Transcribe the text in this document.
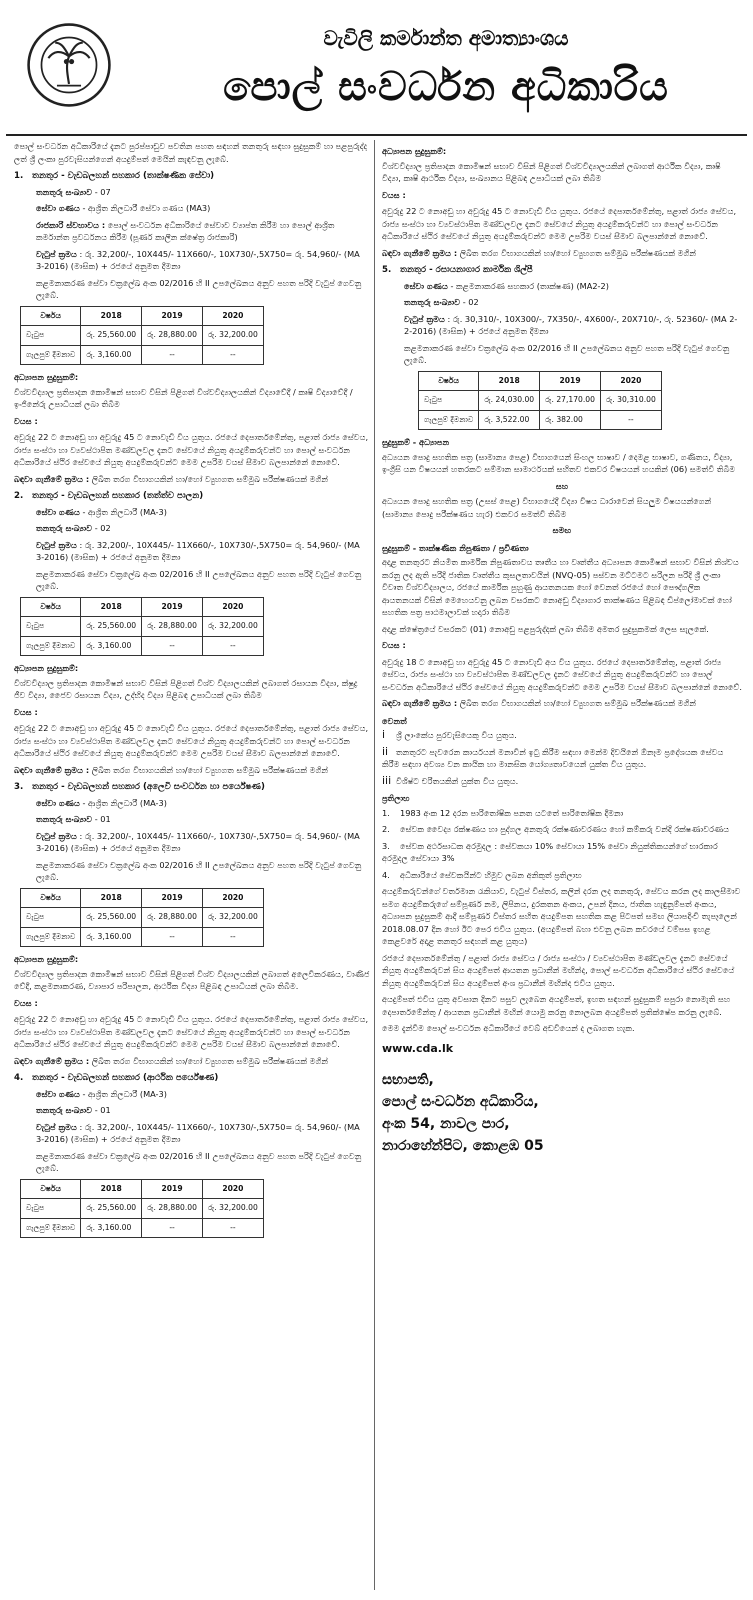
වැවිලි කර්මාන්ත අමාත්‍යාංශය
පොල් සංවර්ධන අධිකාරිය

පොල් සංවර්ධන අධිකාරියේ දැනට පුරප්පාඩුව පවතින පහත සඳහන් තනතුරු සඳහා සුදුසුකම් හා පළපුරුද්ද ලත් ශ්‍රී ලංකා පුරවැසියන්ගෙන් අයදුම්පත් මෙයින් කැඳවනු ලැබේ.

1. තනතුර - වැඩබලහන් සහකාර (තාක්ෂණික සේවා)

තනතුරු සංඛ්‍යාව - 07

සේවා ගණය - ආශ්‍රිත නිලධාරී සේවා ගණය (MA3)

රාජකාරි ස්වභාවය : පොල් සංවර්ධන අධිකාරියේ සේවාව ව්‍යාප්ත කිරීම හා පොල් ආශ්‍රිත කර්මාන්ත ප්‍රවර්ධනය කිරීම (පූර්ණ කාලීන ක්ෂේත්‍ර රාජකාරි)

වැටුප් ක්‍රමය : රු. 32,200/-, 10X445/- 11X660/-, 10X730/-,5X750= රු. 54,960/- (MA 3-2016) (මාසික) + රජයේ අනුමත දීමනා

කළමනාකරණ සේවා චක්‍රලේඛ අංක 02/2016 හි II උපලේඛනය අනුව පහත පරිදි වැටුප් ගෙවනු ලැබේ.

වර්ෂය	2018	2019	2020
වැටුප	රු. 25,560.00	රු. 28,880.00	රු. 32,200.00
ගැලපුම් දීමනාව	රු. 3,160.00	--	--
අධ්‍යාපන සුදුසුකම්:

විශ්වවිද්‍යාල ප්‍රතිපාදන කොමිෂන් සභාව විසින් පිළිගත් විශ්වවිද්‍යාලයකින් විද්‍යාවේදී / කෘෂි විද්‍යාවේදී / ඉංජිනේරු උපාධියක් ලබා තිබීම

වයස :

අවුරුදු 22 ට නොඅඩු හා අවුරුදු 45 ට නොවැඩි විය යුතුය. රජයේ දෙපාර්තමේන්තු, පළාත් රාජ්‍ය සේවය, රාජ්‍ය සංස්ථා හා ව්‍යවස්ථාපිත මණ්ඩලවල දැනට සේවයේ නියුතු අයදුම්කරුවන්ට හා පොල් සංවර්ධන අධිකාරියේ ස්ථිර සේවයේ නියුතු අයදුම්කරුවන්ට මෙම උපරිම වයස් සීමාව බලපාන්නේ නොවේ.

බඳවා ගැනීමේ ක්‍රමය : ලිඛිත තරග විභාගයකින් හා/හෝ ව්‍යුහගත සම්මුඛ පරීක්ෂණයක් මගින්

2. තනතුර - වැඩබලහන් සහකාර (තත්ත්ව පාලන)

සේවා ගණය - ආශ්‍රිත නිලධාරී (MA-3)

තනතුරු සංඛ්‍යාව - 02

වැටුප් ක්‍රමය : රු. 32,200/-, 10X445/- 11X660/-, 10X730/-,5X750= රු. 54,960/- (MA 3-2016) (මාසික) + රජයේ අනුමත දීමනා

කළමනාකරණ සේවා චක්‍රලේඛ අංක 02/2016 හි II උපලේඛනය අනුව පහත පරිදි වැටුප් ගෙවනු ලැබේ.

වර්ෂය	2018	2019	2020
වැටුප	රු. 25,560.00	රු. 28,880.00	රු. 32,200.00
ගැලපුම් දීමනාව	රු. 3,160.00	--	--
අධ්‍යාපන සුදුසුකම්:

විශ්වවිද්‍යාල ප්‍රතිපාදන කොමිෂන් සභාව විසින් පිළිගත් විශ්ව විද්‍යාලයකින් ලබාගත් රසායන විද්‍යා, ක්ෂුද්‍ර ජීව විද්‍යා, ජෛව රසායන විද්‍යා, උද්භිද විද්‍යා පිළිබඳ උපාධියක් ලබා තිබීම

වයස :

අවුරුදු 22 ට නොඅඩු හා අවුරුදු 45 ට නොවැඩි විය යුතුය. රජයේ දෙපාර්තමේන්තු, පළාත් රාජ්‍ය සේවය, රාජ්‍ය සංස්ථා හා ව්‍යවස්ථාපිත මණ්ඩලවල දැනට සේවයේ නියුතු අයදුම්කරුවන්ට හා පොල් සංවර්ධන අධිකාරියේ ස්ථිර සේවයේ නියුතු අයදුම්කරුවන්ට මෙම උපරිම වයස් සීමාව බලපාන්නේ නොවේ.

බඳවා ගැනීමේ ක්‍රමය : ලිඛිත තරග විභාගයකින් හා/හෝ ව්‍යුහගත සම්මුඛ පරීක්ෂණයක් මගින්

3. තනතුර - වැඩබලහන් සහකාර (අලෙවි සංවර්ධන හා පර්යේෂණ)

සේවා ගණය - ආශ්‍රිත නිලධාරී (MA-3)

තනතුරු සංඛ්‍යාව - 01

වැටුප් ක්‍රමය : රු. 32,200/-, 10X445/- 11X660/-, 10X730/-,5X750= රු. 54,960/- (MA 3-2016) (මාසික) + රජයේ අනුමත දීමනා

කළමනාකරණ සේවා චක්‍රලේඛ අංක 02/2016 හි II උපලේඛනය අනුව පහත පරිදි වැටුප් ගෙවනු ලැබේ.

වර්ෂය	2018	2019	2020
වැටුප	රු. 25,560.00	රු. 28,880.00	රු. 32,200.00
ගැලපුම් දීමනාව	රු. 3,160.00	--	--
අධ්‍යාපන සුදුසුකම්:

විශ්වවිද්‍යාල ප්‍රතිපාදන කොමිෂන් සභාව විසින් පිළිගත් විශ්ව විද්‍යාලයකින් ලබාගත් අලෙවිකරණය, වාණිජ වේදී, කළමනාකරණ, ව්‍යාපාර පරිපාලන, ආර්ථික විද්‍යා පිළිබඳ උපාධියක් ලබා තිබීම.

වයස :

අවුරුදු 22 ට නොඅඩු හා අවුරුදු 45 ට නොවැඩි විය යුතුය. රජයේ දෙපාර්තමේන්තු, පළාත් රාජ්‍ය සේවය, රාජ්‍ය සංස්ථා හා ව්‍යවස්ථාපිත මණ්ඩලවල දැනට සේවයේ නියුතු අයදුම්කරුවන්ට හා පොල් සංවර්ධන අධිකාරියේ ස්ථිර සේවයේ නියුතු අයදුම්කරුවන්ට මෙම උපරිම වයස් සීමාව බලපාන්නේ නොවේ.

බඳවා ගැනීමේ ක්‍රමය : ලිඛිත තරග විභාගයකින් හා/හෝ ව්‍යුහගත සම්මුඛ පරීක්ෂණයක් මගින්

4. තනතුර - වැඩබලහන් සහකාර (ආර්ථික පර්යේෂණ)

සේවා ගණය - ආශ්‍රිත නිලධාරී (MA-3)

තනතුරු සංඛ්‍යාව - 01

වැටුප් ක්‍රමය : රු. 32,200/-, 10X445/- 11X660/-, 10X730/-,5X750= රු. 54,960/- (MA 3-2016) (මාසික) + රජයේ අනුමත දීමනා

කළමනාකරණ සේවා චක්‍රලේඛ අංක 02/2016 හි II උපලේඛනය අනුව පහත පරිදි වැටුප් ගෙවනු ලැබේ.

වර්ෂය	2018	2019	2020
වැටුප	රු. 25,560.00	රු. 28,880.00	රු. 32,200.00
ගැලපුම් දීමනාව	රු. 3,160.00	--	--
අධ්‍යාපන සුදුසුකම්:

විශ්වවිද්‍යාල ප්‍රතිපාදන කොමිෂන් සභාව විසින් පිළිගත් විශ්වවිද්‍යාලයකින් ලබාගත් ආර්ථික විද්‍යා, කෘෂි විද්‍යා, කෘෂි ආර්ථික විද්‍යා, සංඛ්‍යානය පිළිබඳ උපාධියක් ලබා තිබීම

වයස :

අවුරුදු 22 ට නොඅඩු හා අවුරුදු 45 ට නොවැඩි විය යුතුය. රජයේ දෙපාර්තමේන්තු, පළාත් රාජ්‍ය සේවය, රාජ්‍ය සංස්ථා හා ව්‍යවස්ථාපිත මණ්ඩලවල දැනට සේවයේ නියුතු අයදුම්කරුවන්ට හා පොල් සංවර්ධන අධිකාරියේ ස්ථිර සේවයේ නියුතු අයදුම්කරුවන්ට මෙම උපරිම වයස් සීමාව බලපාන්නේ නොවේ.

බඳවා ගැනීමේ ක්‍රමය : ලිඛිත තරග විභාගයකින් හා/හෝ ව්‍යුහගත සම්මුඛ පරීක්ෂණයක් මගින්

5. තනතුර - රසායනාගාර කාර්මික ශිල්පී

සේවා ගණය - කළමනාකරණ සහකාර (තාක්ෂණ) (MA2-2)

තනතුරු සංඛ්‍යාව - 02

වැටුප් ක්‍රමය : රු. 30,310/-, 10X300/-, 7X350/-, 4X600/-, 20X710/-, රු. 52360/- (MA 2-2-2016) (මාසික) + රජයේ අනුමත දීමනා

කළමනාකරණ සේවා චක්‍රලේඛ අංක 02/2016 හි II උපලේඛනය අනුව පහත පරිදි වැටුප් ගෙවනු ලැබේ.

වර්ෂය	2018	2019	2020
වැටුප	රු. 24,030.00	රු. 27,170.00	රු. 30,310.00
ගැලපුම් දීමනාව	රු. 3,522.00	රු. 382.00	--
සුදුසුකම් - අධ්‍යාපන

අධ්‍යයන පොදු සහතික පත්‍ර (සාමාන්‍ය පෙළ) විභාගයෙන් සිංහල භාෂාව / දෙමළ භාෂාව, ගණිතය, විද්‍යා, ඉංග්‍රීසි යන විෂයයන් හතරකට සම්මාන සාමාර්ථයක් සහිතව එකවර විෂයයන් හයකින් (06) සමත්වී තිබීම

සහ

අධ්‍යයන පොදු සහතික පත්‍ර (උසස් පෙළ) විභාගයේදී විද්‍යා විෂය ධාරාවෙන් සියලුම විෂයයන්ගෙන් (සාමාන්‍ය පොදු පරීක්ෂණය හැර) එකවර සමත්වී තිබීම

සමඟ

සුදුසුකම් - තාක්ෂණික නිපුණතා / ප්‍රවීණතා

අදාළ තනතුරට නියමිත කාර්මික නිපුණතාවය තෘතීය හා වෘත්තීය අධ්‍යාපන කොමිෂන් සභාව විසින් නිශ්චය කරනු ලද ඇති පරිදි ජාතික වෘත්තීය කුසලතාවයින් (NVQ-05) පස්වන මට්ටමට සරිලන පරිදි ශ්‍රී ලංකා විවෘත විශ්වවිද්‍යාලය, රජයේ කාර්මික පුහුණු ආයතනයක හෝ වෙනත් රජයේ හෝ පෞද්ගලික ආයතනයක් විසින් මෙහෙයවනු ලබන වසරකට නොඅඩු විද්‍යාගාර තාක්ෂණය පිළිබඳ ඩිප්ලෝමාවක් හෝ සහතික පත්‍ර පාඨමාලාවක් හදාරා තිබීම

අදාළ ක්ෂේත්‍රයේ වසරකට (01) නොඅඩු පළපුරුද්දක් ලබා තිබීම අමතර සුදුසුකමක් ලෙස සැලකේ.

වයස :

අවුරුදු 18 ට නොඅඩු හා අවුරුදු 45 ට නොවැඩි අය විය යුතුය. රජයේ දෙපාර්තමේන්තු, පළාත් රාජ්‍ය සේවය, රාජ්‍ය සංස්ථා හා ව්‍යවස්ථාපිත මණ්ඩලවල දැනට සේවයේ නියුතු අයදුම්කරුවන්ට හා පොල් සංවර්ධන අධිකාරියේ ස්ථිර සේවයේ නියුතු අයදුම්කරුවන්ට මෙම උපරිම වයස් සීමාව බලපාන්නේ නොවේ.

බඳවා ගැනීමේ ක්‍රමය : ලිඛිත තරග විභාගයකින් හා/හෝ ව්‍යුහගත සම්මුඛ පරීක්ෂණයක් මගින්

වෙනත්

i ශ්‍රී ලාංකේය පුරවැසියෙකු විය යුතුය.

ii තනතුරට පැවරෙන කාර්යයන් මනාවින් ඉටු කිරීම සඳහා මෙන්ම දිවයිනේ ඕනෑම ප්‍රදේශයක සේවය කිරීම සඳහා අවශ්‍ය වන කායික හා මානසික යෝග්‍යතාවයෙන් යුක්ත විය යුතුය.

iii විශිෂ්ට චරිතයකින් යුක්ත විය යුතුය.

ප්‍රතිලාභ

1. 1983 අංක 12 දරන පාරිතෝෂික පනත යටතේ පාරිතෝෂික දීමනා

2. සේවක වෛද්‍ය රක්ෂණය හා පුද්ගල අනතුරු රක්ෂණාවරණය හෝ කම්කරු වන්දි රක්ෂණාවරණය

3. සේවක අර්ථසාධක අරමුදල : සේවකයා 10% සේවායා 15% සේවා නියුක්තිකයන්ගේ භාරකාර අරමුදල සේවායා 3%

4. අධිකාරියේ සේවකයින්ට හිමුව ලබන අනිකුත් ප්‍රතිලාභ

අයදුම්කරුවන්ගේ වර්තමාන රැකියාව, වැටුප් විස්තර, කලින් දරන ලද තනතුරු, සේවය කරන ලද කාලසීමාව සමග අයදුම්කරුගේ සම්පූර්ණ නම, ලිපිනය, දුරකතන අංකය, උපන් දිනය, ජාතික හැඳුනුම්පත් අංකය, අධ්‍යාපන සුදුසුකම් ආදී සම්පූර්ණ විස්තර සහිත අයදුම්පත සහතික කළ පිටපත් සමඟ ලියාපදිංචි තැපෑලෙන් 2018.08.07 දින හෝ ඊට පෙර එවිය යුතුය. (අයදුම්පත් බහා එවනු ලබන කවරයේ වම්පස ඉහළ කෙළවරේ අදාළ තනතුර සඳහන් කළ යුතුය)

රජයේ දෙපාර්තමේන්තු / පළාත් රාජ්‍ය සේවය / රාජ්‍ය සංස්ථා / ව්‍යවස්ථාපිත මණ්ඩලවල දැනට සේවයේ නියුතු අයදුම්කරුවන් සිය අයදුම්පත් ආයතන ප්‍රධානීන් මඟින්ද, පොල් සංවර්ධන අධිකාරියේ ස්ථිර සේවයේ නියුතු අයදුම්කරුවන් සිය අයදුම්පත් අංශ ප්‍රධානීන් මඟින්ද එවිය යුතුය.

අයදුම්පත් එවිය යුතු අවසාන දිනට පසුව ලැබෙන අයදුම්පත්, ඉහත සඳහන් සුදුසුකම් සපුරා නොමැති සහ දෙපාර්තමේන්තු / ආයතන ප්‍රධානීන් මඟින් යොමු කරනු නොලබන අයදුම්පත් ප්‍රතික්ෂේප කරනු ලැබේ.

මෙම දැන්වීම පොල් සංවර්ධන අධිකාරියේ වෙබ් අඩවියෙන් ද ලබාගත හැක.

www.cda.lk
සභාපති,
පොල් සංවර්ධන අධිකාරිය,
අංක 54, නාවල පාර,
නාරාහේන්පිට, කොළඹ 05
